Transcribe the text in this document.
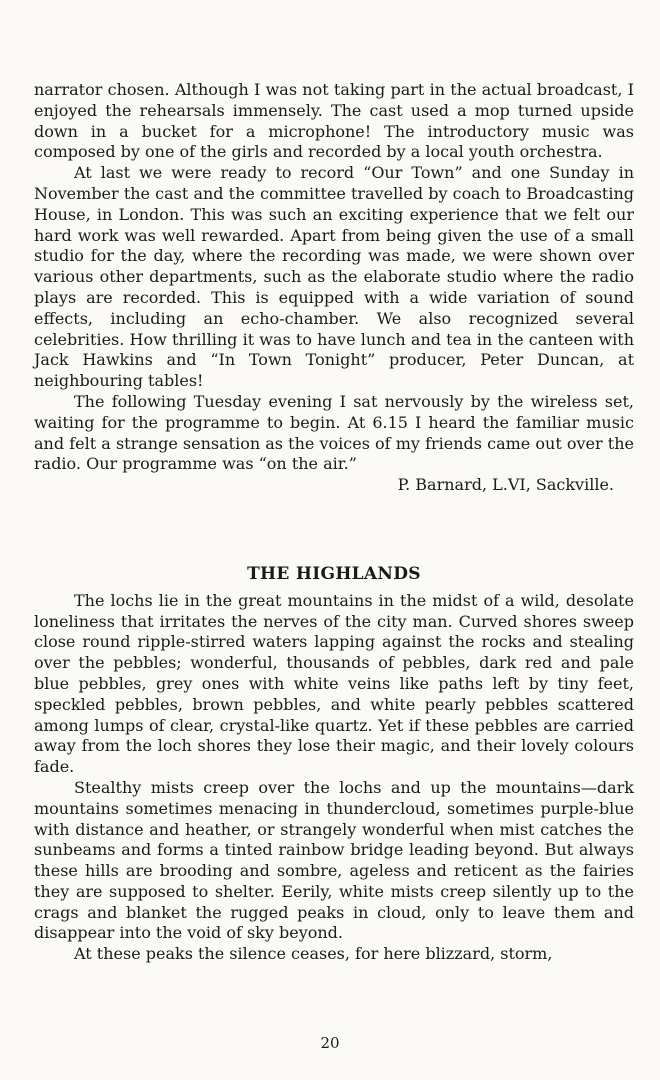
narrator chosen. Although I was not taking part in the actual broadcast, I enjoyed the rehearsals immensely. The cast used a mop turned upside down in a bucket for a microphone! The introductory music was composed by one of the girls and recorded by a local youth orchestra.

At last we were ready to record “Our Town” and one Sunday in November the cast and the committee travelled by coach to Broadcasting House, in London. This was such an exciting experience that we felt our hard work was well rewarded. Apart from being given the use of a small studio for the day, where the recording was made, we were shown over various other departments, such as the elaborate studio where the radio plays are recorded. This is equipped with a wide variation of sound effects, including an echo-chamber. We also recognized several celebrities. How thrilling it was to have lunch and tea in the canteen with Jack Hawkins and “In Town Tonight” producer, Peter Duncan, at neighbouring tables!

The following Tuesday evening I sat nervously by the wireless set, waiting for the programme to begin. At 6.15 I heard the familiar music and felt a strange sensation as the voices of my friends came out over the radio. Our programme was “on the air.”

P. Barnard, L.VI, Sackville.

THE HIGHLANDS

The lochs lie in the great mountains in the midst of a wild, desolate loneliness that irritates the nerves of the city man. Curved shores sweep close round ripple-stirred waters lapping against the rocks and stealing over the pebbles; wonderful, thousands of pebbles, dark red and pale blue pebbles, grey ones with white veins like paths left by tiny feet, speckled pebbles, brown pebbles, and white pearly pebbles scattered among lumps of clear, crystal-like quartz. Yet if these pebbles are carried away from the loch shores they lose their magic, and their lovely colours fade.

Stealthy mists creep over the lochs and up the mountains—dark mountains sometimes menacing in thundercloud, sometimes purple-blue with distance and heather, or strangely wonderful when mist catches the sunbeams and forms a tinted rainbow bridge leading beyond. But always these hills are brooding and sombre, ageless and reticent as the fairies they are supposed to shelter. Eerily, white mists creep silently up to the crags and blanket the rugged peaks in cloud, only to leave them and disappear into the void of sky beyond.

At these peaks the silence ceases, for here blizzard, storm,

20
